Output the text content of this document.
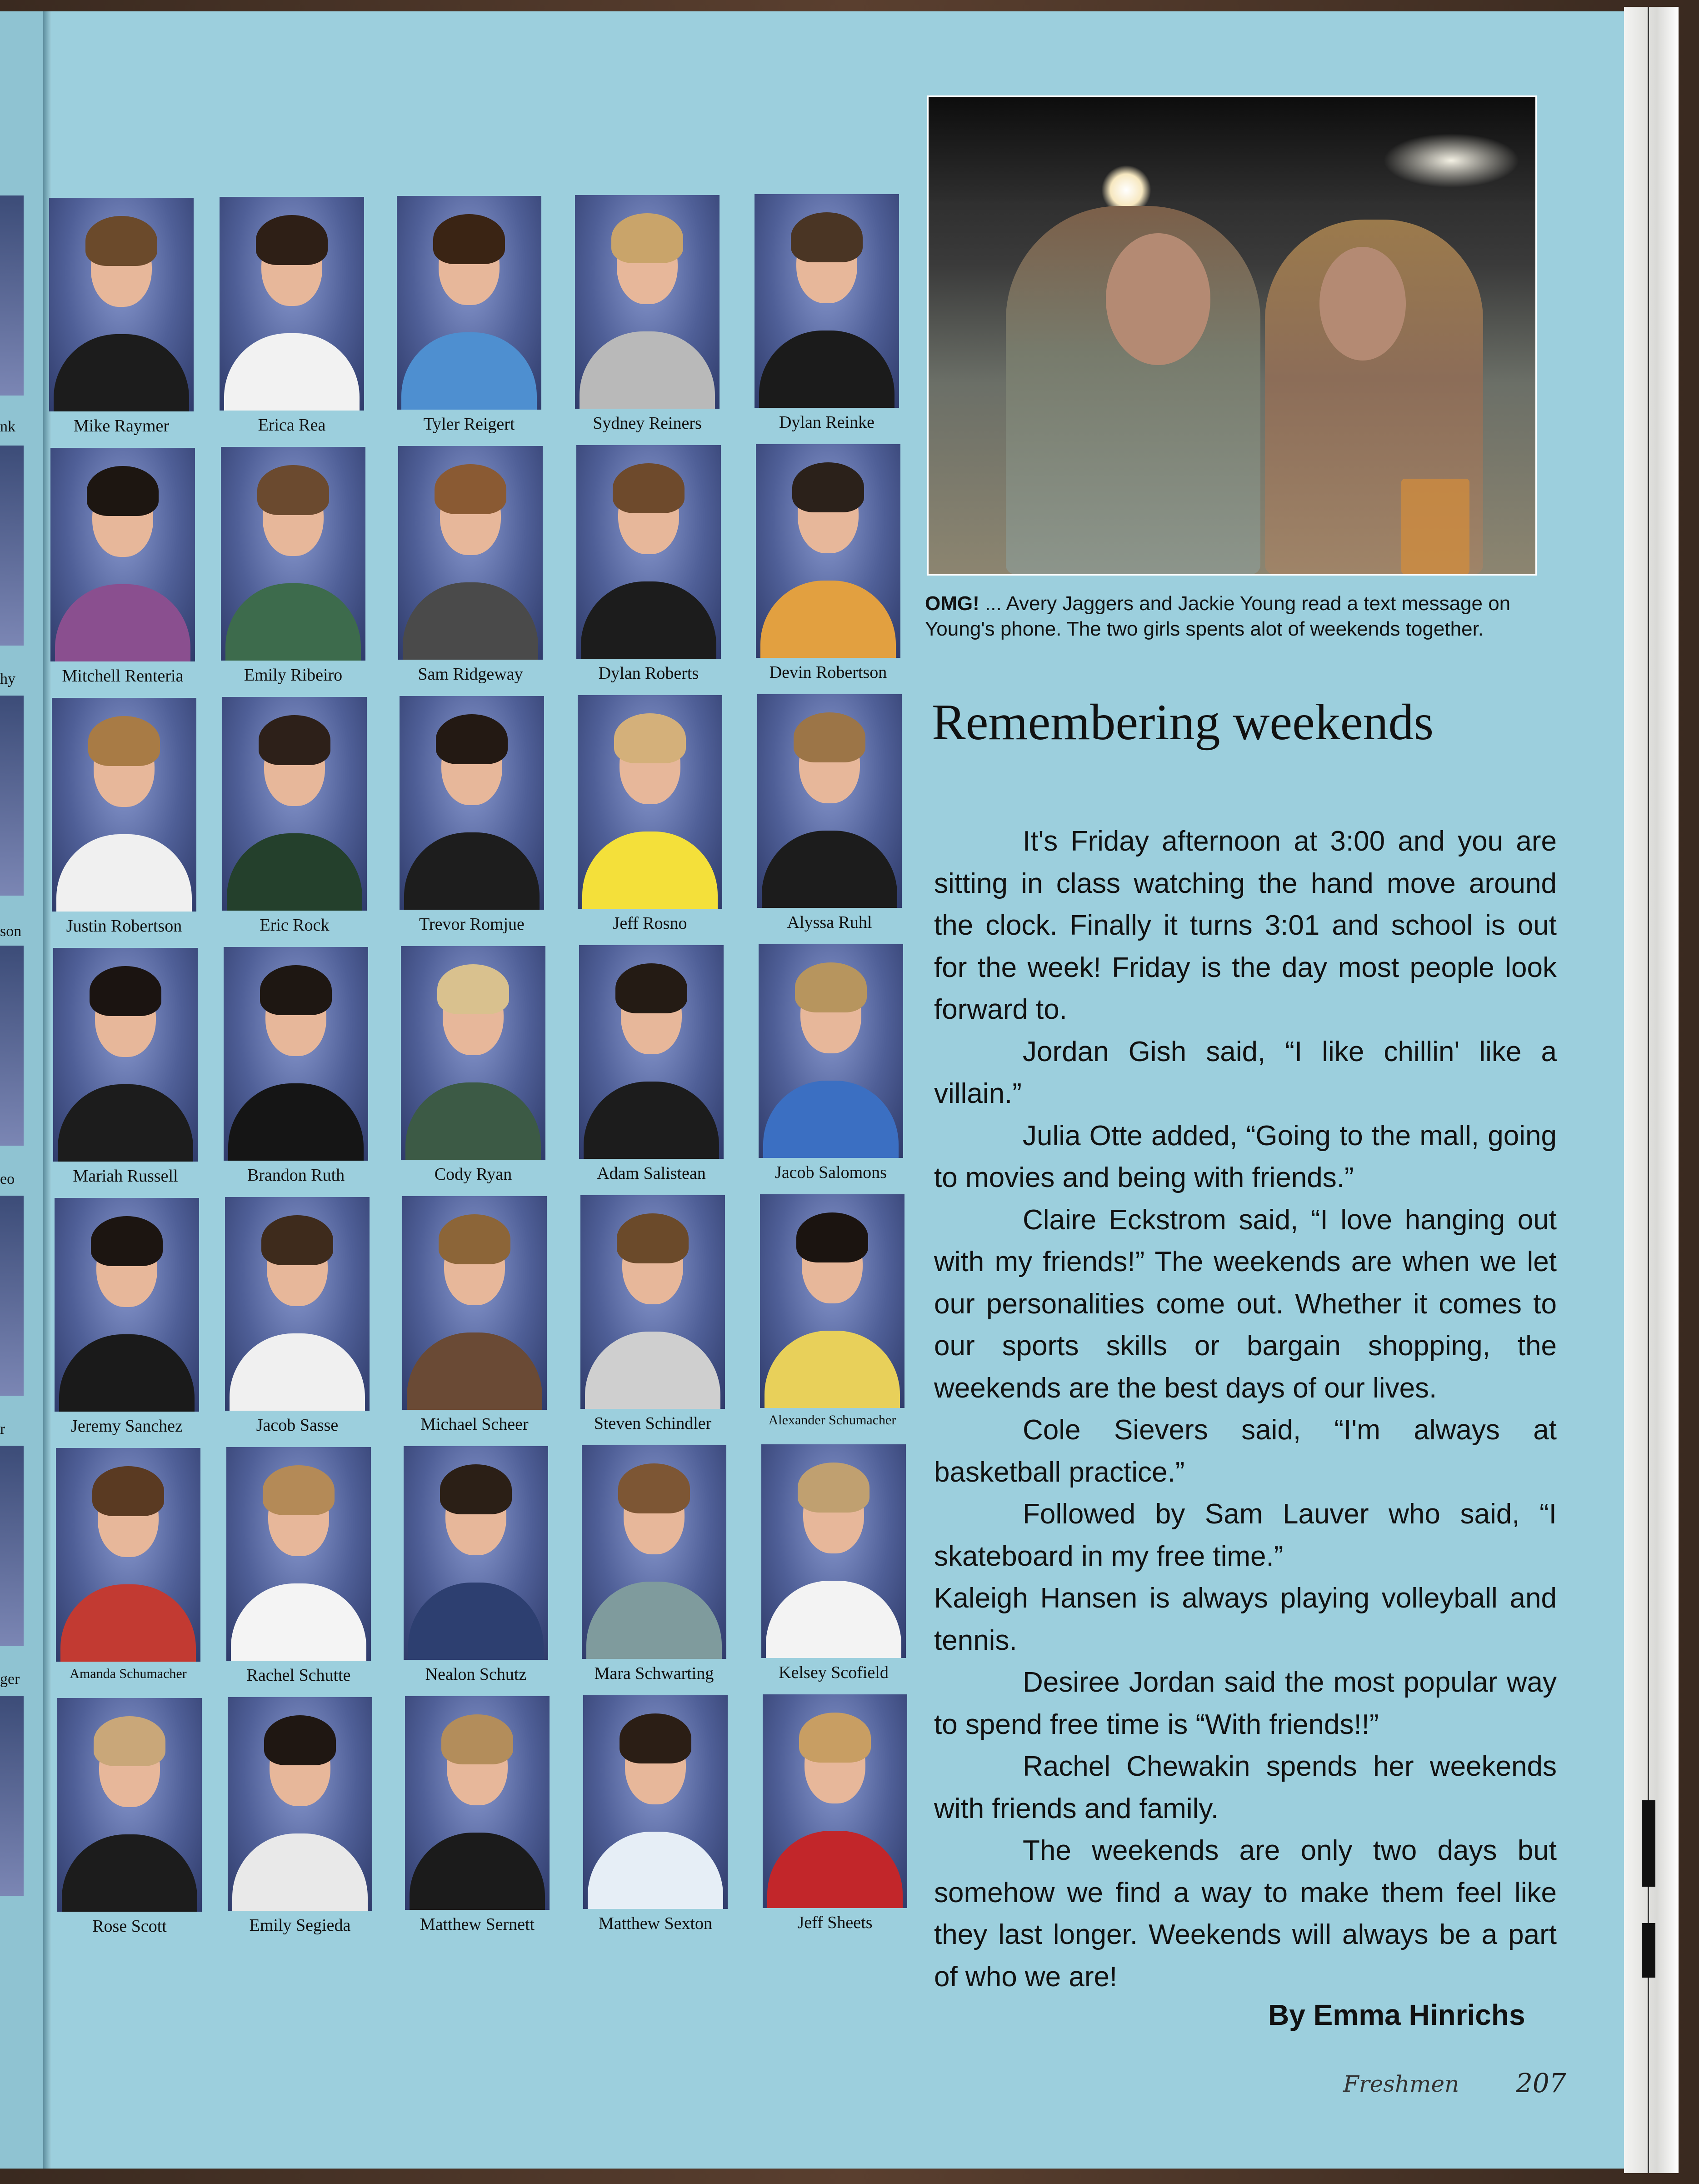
nk
hy
son
eo
r
ger
Mike Raymer	Erica Rea	Tyler Reigert	Sydney Reiners	Dylan Reinke
Mitchell Renteria	Emily Ribeiro	Sam Ridgeway	Dylan Roberts	Devin Robertson
Justin Robertson	Eric Rock	Trevor Romjue	Jeff Rosno	Alyssa Ruhl
Mariah Russell	Brandon Ruth	Cody Ryan	Adam Salistean	Jacob Salomons
Jeremy Sanchez	Jacob Sasse	Michael Scheer	Steven Schindler	Alexander Schumacher
Amanda Schumacher	Rachel Schutte	Nealon Schutz	Mara Schwarting	Kelsey Scofield
Rose Scott	Emily Segieda	Matthew Sernett	Matthew Sexton	Jeff Sheets
OMG! ... Avery Jaggers and Jackie Young read a text message on Young's phone. The two girls spents alot of weekends together.
Remembering weekends

It's Friday afternoon at 3:00 and you are sitting in class watching the hand move around the clock. Finally it turns 3:01 and school is out for the week! Friday is the day most people look forward to.

Jordan Gish said, “I like chillin' like a villain.”

Julia Otte added, “Going to the mall, going to movies and being with friends.”

Claire Eckstrom said, “I love hanging out with my friends!” The weekends are when we let our personalities come out. Whether it comes to our sports skills or bargain shopping, the weekends are the best days of our lives.

Cole Sievers said, “I'm always at basketball practice.”

Followed by Sam Lauver who said, “I skateboard in my free time.”

Kaleigh Hansen is always playing volleyball and tennis.

Desiree Jordan said the most popular way to spend free time is “With friends!!”

Rachel Chewakin spends her weekends with friends and family.

The weekends are only two days but somehow we find a way to make them feel like they last longer. Weekends will always be a part of who we are!

By Emma Hinrichs
Freshmen 207
